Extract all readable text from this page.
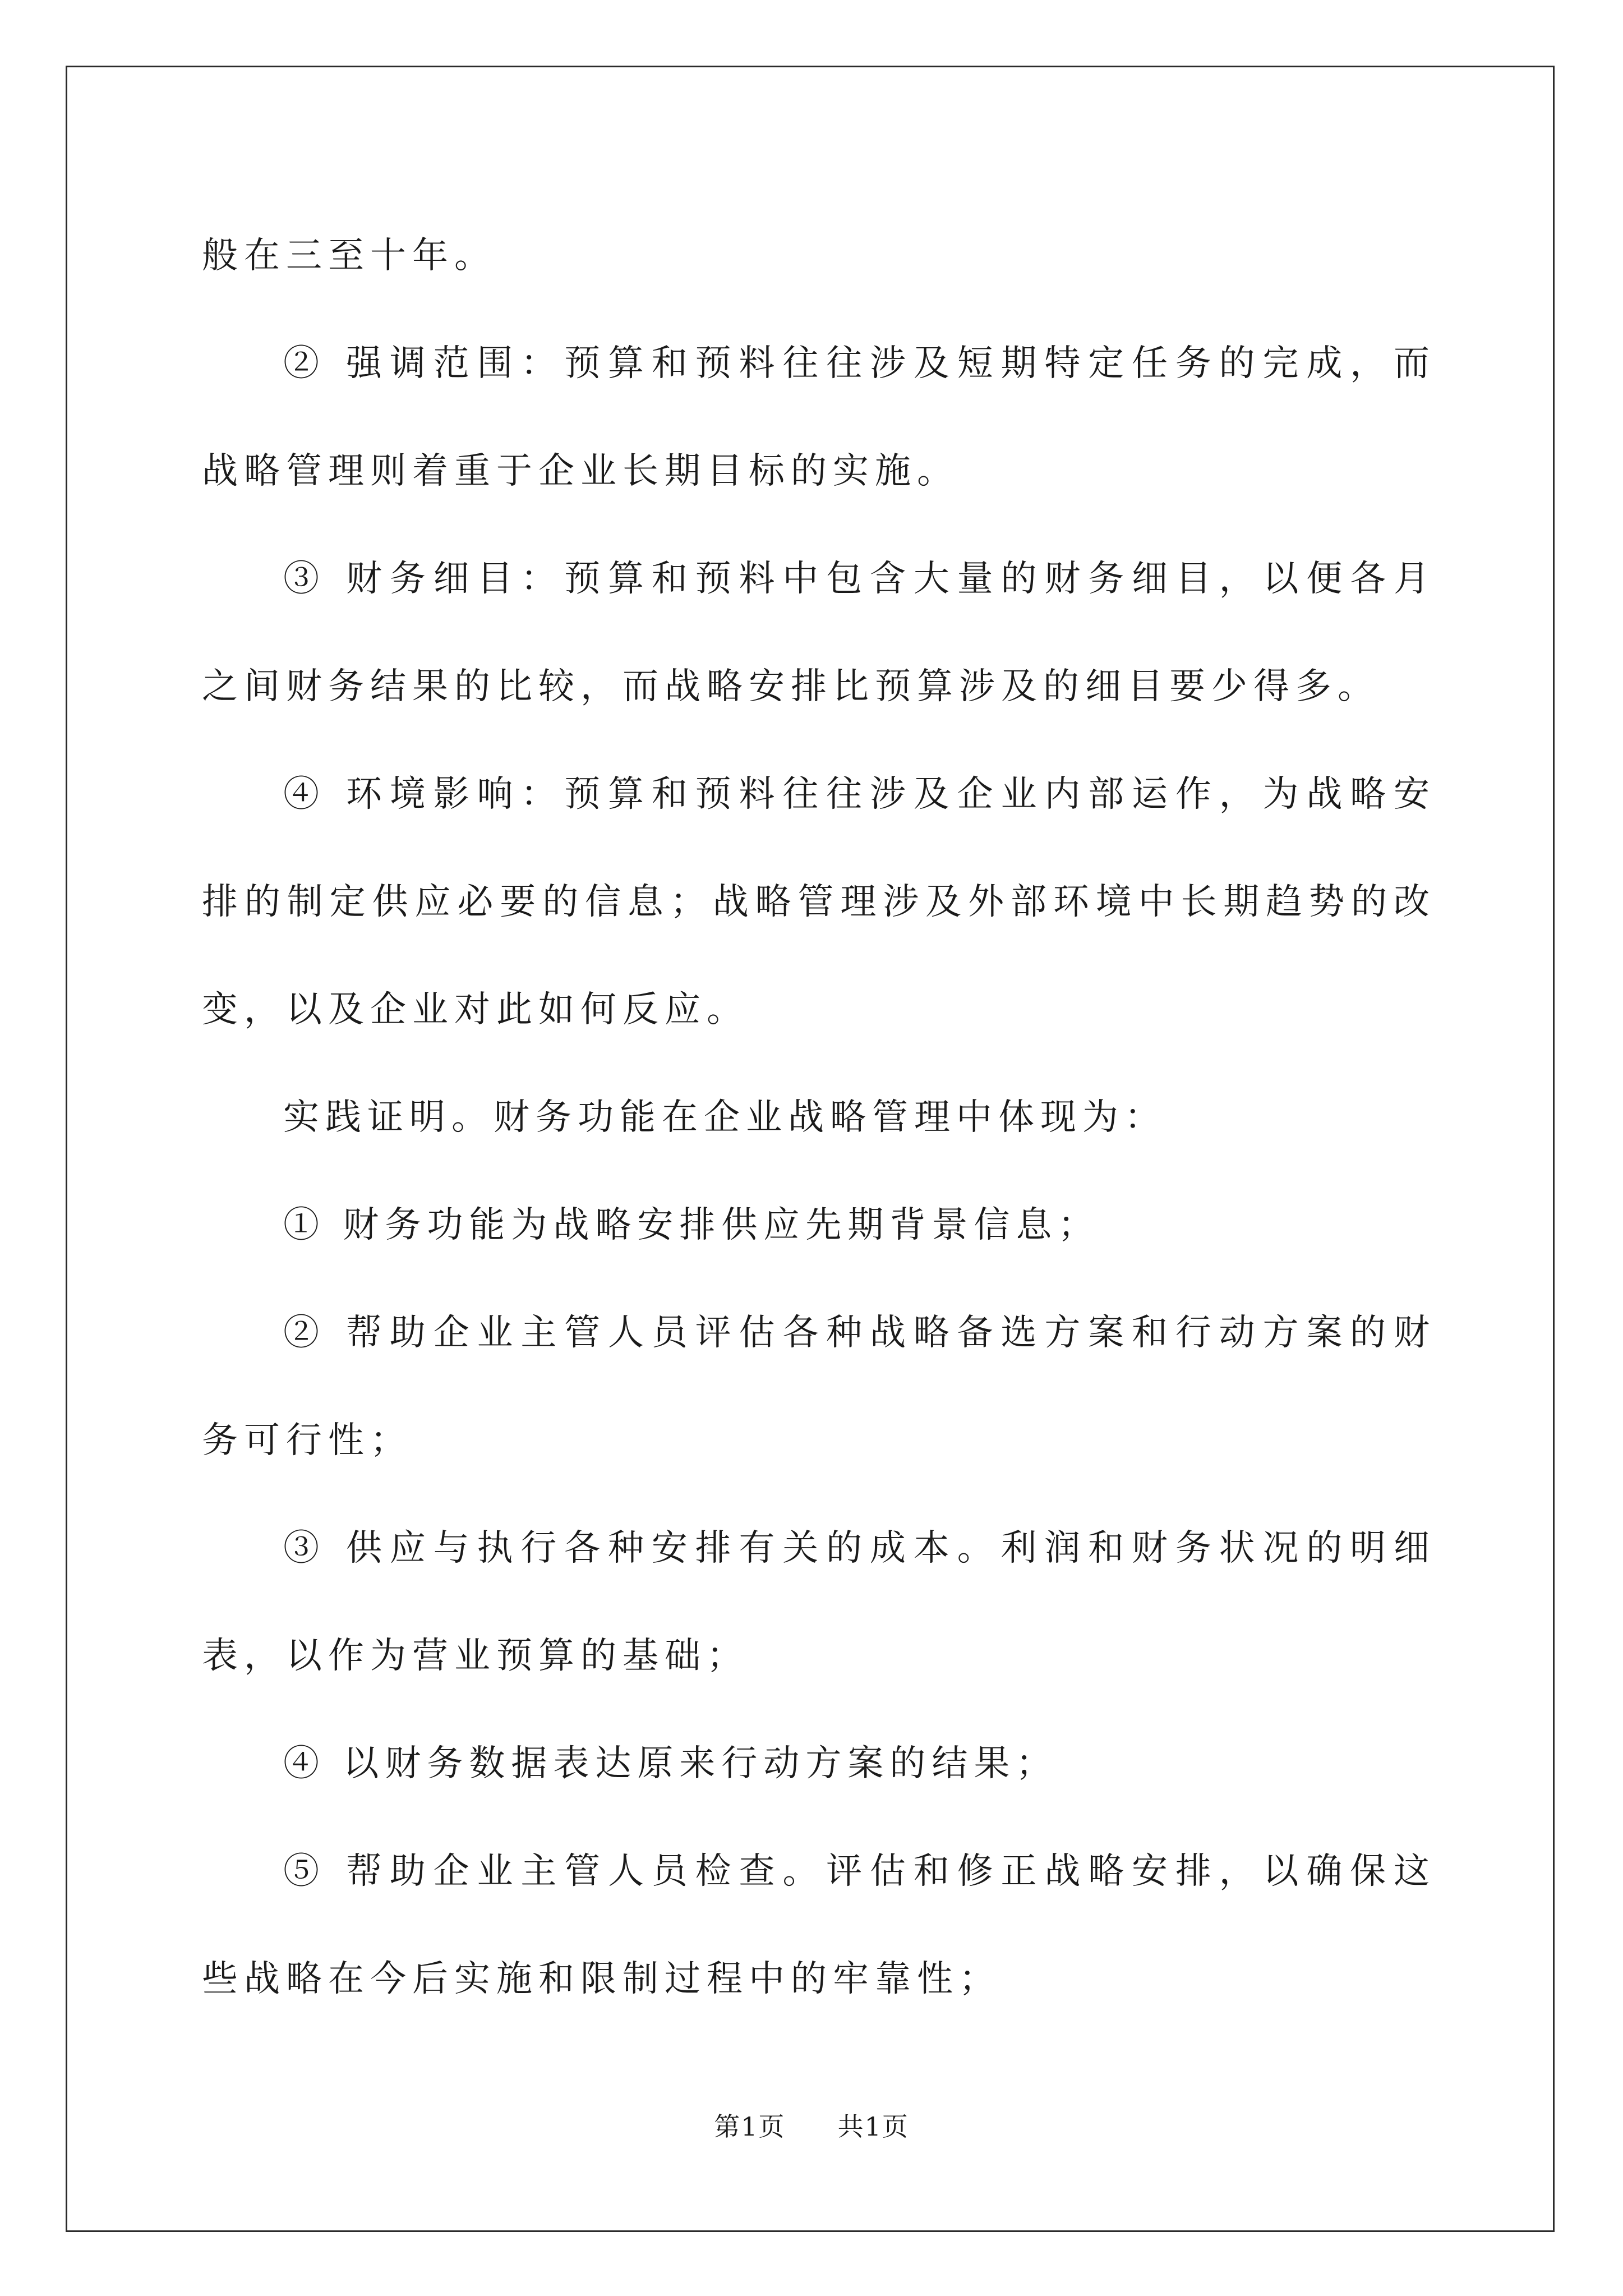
般在三至十年。

② 强调范围：预算和预料往往涉及短期特定任务的完成，而战略管理则着重于企业长期目标的实施。

③ 财务细目：预算和预料中包含大量的财务细目，以便各月之间财务结果的比较，而战略安排比预算涉及的细目要少得多。

④ 环境影响：预算和预料往往涉及企业内部运作，为战略安排的制定供应必要的信息；战略管理涉及外部环境中长期趋势的改变，以及企业对此如何反应。

实践证明。财务功能在企业战略管理中体现为：

① 财务功能为战略安排供应先期背景信息；

② 帮助企业主管人员评估各种战略备选方案和行动方案的财务可行性；

③ 供应与执行各种安排有关的成本。利润和财务状况的明细表，以作为营业预算的基础；

④ 以财务数据表达原来行动方案的结果；

⑤ 帮助企业主管人员检查。评估和修正战略安排，以确保这些战略在今后实施和限制过程中的牢靠性；

第1页 共1页
